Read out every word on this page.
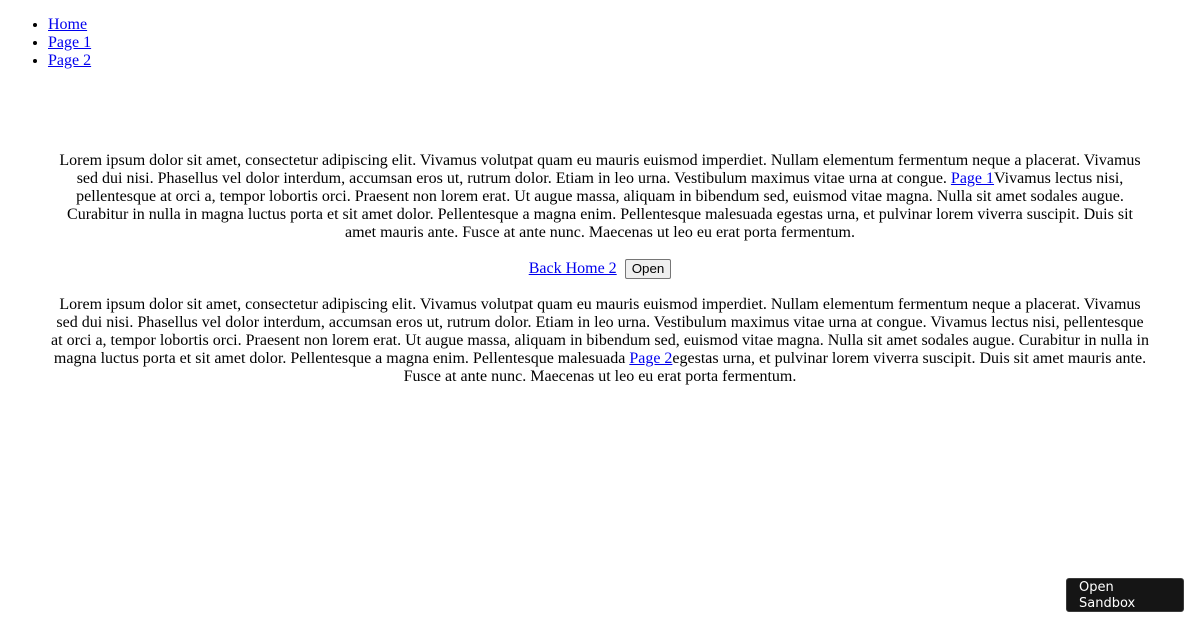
• Home
• Page 1
• Page 2

Lorem ipsum dolor sit amet, consectetur adipiscing elit. Vivamus volutpat quam eu mauris euismod imperdiet. Nullam elementum fermentum neque a placerat. Vivamus sed dui nisi. Phasellus vel dolor interdum, accumsan eros ut, rutrum dolor. Etiam in leo urna. Vestibulum maximus vitae urna at congue. Page 1Vivamus lectus nisi, pellentesque at orci a, tempor lobortis orci. Praesent non lorem erat. Ut augue massa, aliquam in bibendum sed, euismod vitae magna. Nulla sit amet sodales augue. Curabitur in nulla in magna luctus porta et sit amet dolor. Pellentesque a magna enim. Pellentesque malesuada egestas urna, et pulvinar lorem viverra suscipit. Duis sit amet mauris ante. Fusce at ante nunc. Maecenas ut leo eu erat porta fermentum.

Back Home 2 Open

Lorem ipsum dolor sit amet, consectetur adipiscing elit. Vivamus volutpat quam eu mauris euismod imperdiet. Nullam elementum fermentum neque a placerat. Vivamus sed dui nisi. Phasellus vel dolor interdum, accumsan eros ut, rutrum dolor. Etiam in leo urna. Vestibulum maximus vitae urna at congue. Vivamus lectus nisi, pellentesque at orci a, tempor lobortis orci. Praesent non lorem erat. Ut augue massa, aliquam in bibendum sed, euismod vitae magna. Nulla sit amet sodales augue. Curabitur in nulla in magna luctus porta et sit amet dolor. Pellentesque a magna enim. Pellentesque malesuada Page 2egestas urna, et pulvinar lorem viverra suscipit. Duis sit amet mauris ante. Fusce at ante nunc. Maecenas ut leo eu erat porta fermentum.

Open Sandbox
